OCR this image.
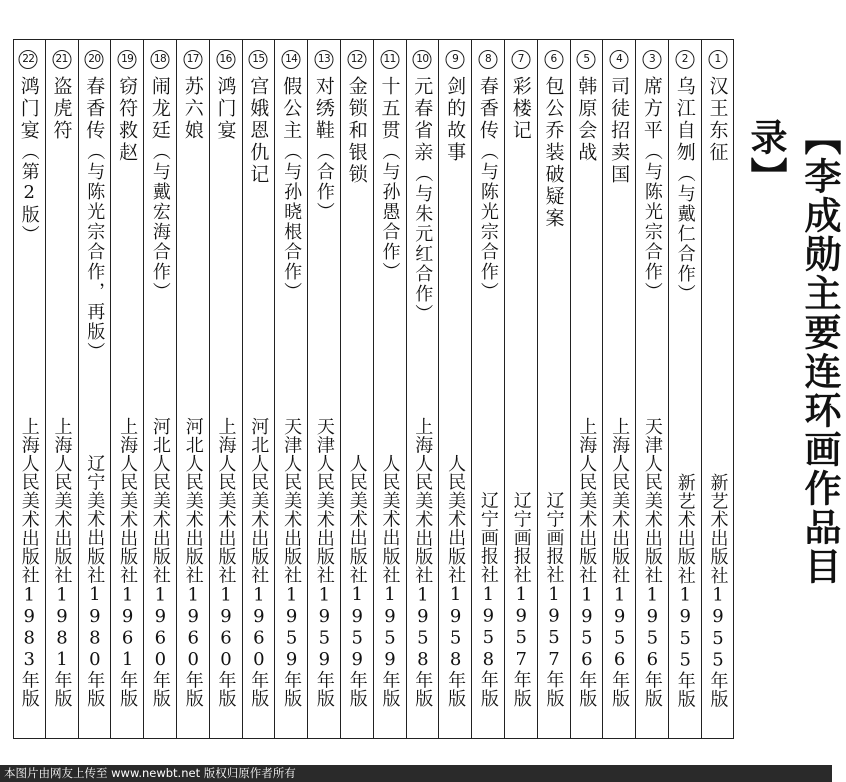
1
汉王东征
新艺术出版社1955年版
2
乌江自刎
（与戴仁合作）
新艺术出版社1955年版
3
席方平
（与陈光宗合作）
天津人民美术出版社1956年版
4
司徒招卖国
上海人民美术出版社1956年版
5
韩原会战
上海人民美术出版社1956年版
6
包公乔装破疑案
辽宁画报社1957年版
7
彩楼记
辽宁画报社1957年版
8
春香传
（与陈光宗合作）
辽宁画报社1958年版
9
剑的故事
人民美术出版社1958年版
10
元春省亲
（与朱元红合作）
上海人民美术出版社1958年版
11
十五贯
（与孙愚合作）
人民美术出版社1959年版
12
金锁和银锁
人民美术出版社1959年版
13
对绣鞋
（合作）
天津人民美术出版社1959年版
14
假公主
（与孙晓根合作）
天津人民美术出版社1959年版
15
宫娥恩仇记
河北人民美术出版社1960年版
16
鸿门宴
上海人民美术出版社1960年版
17
苏六娘
河北人民美术出版社1960年版
18
闹龙廷
（与戴宏海合作）
河北人民美术出版社1960年版
19
窃符救赵
上海人民美术出版社1961年版
20
春香传
（与陈光宗合作，再版）
辽宁美术出版社1980年版
21
盗虎符
上海人民美术出版社1981年版
22
鸿门宴
（第2版）
上海人民美术出版社1983年版	【李成勋主要连环画作品目录】
本图片由网友上传至 www.newbt.net 版权归原作者所有
